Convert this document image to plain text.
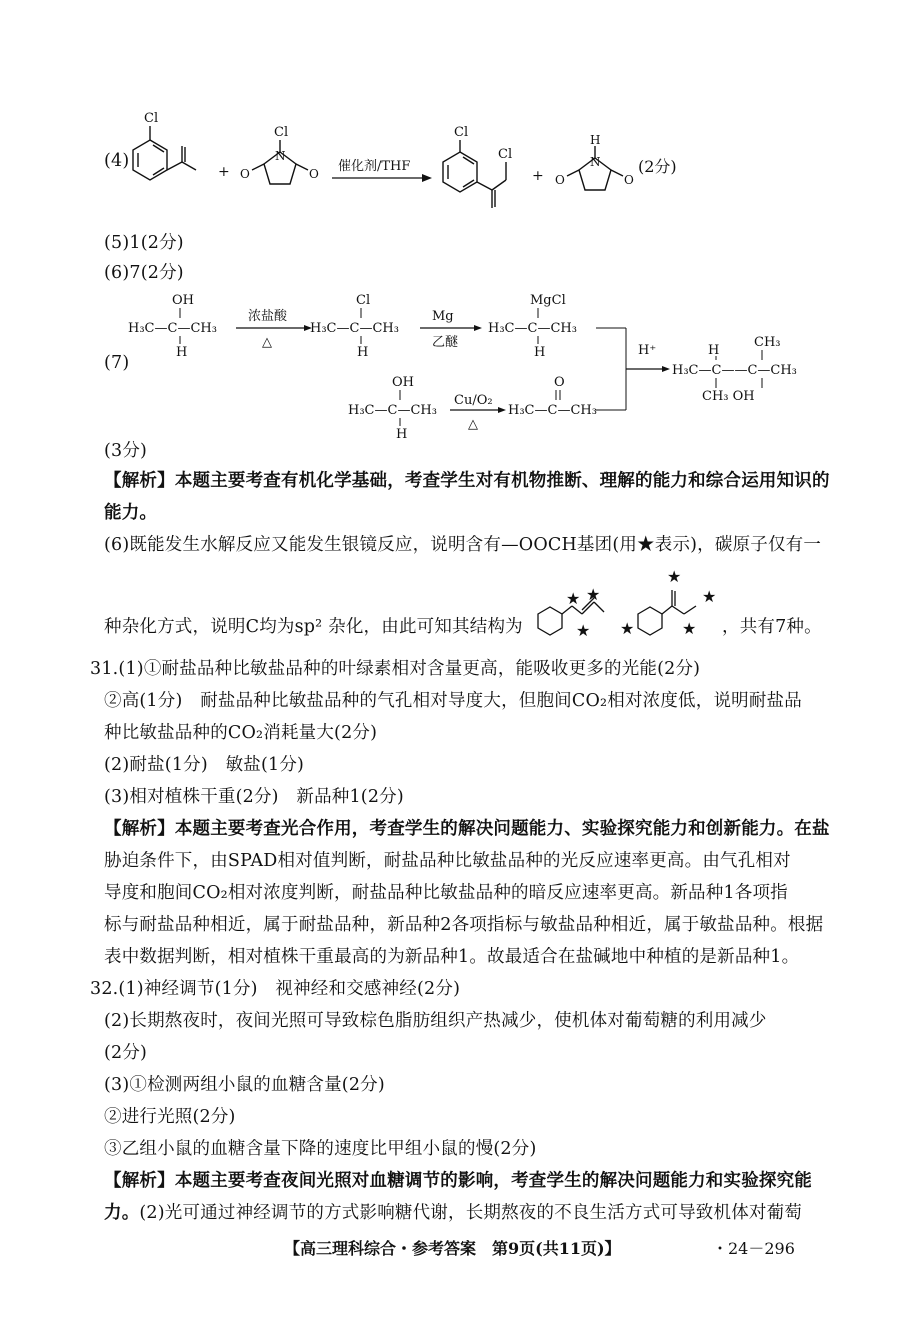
(4)
Cl
+
Cl
N
O	O 催化剂/THF
Cl
Cl
+
H
N
O	O
(2分)
(5)1(2分)
(6)7(2分)
(7)
OH
H₃C—C—CH₃
H
浓盐酸
△
Cl
H₃C—C—CH₃
H
Mg
乙醚
MgCl
H₃C—C—CH₃
H
OH
H₃C—C—CH₃
H
Cu/O₂
△
O
H₃C—C—CH₃
H⁺
CH₃
H₃C—C——C—CH₃
CH₃ OH
H
(3分)
【解析】本题主要考查有机化学基础，考查学生对有机物推断、理解的能力和综合运用知识的
能力。
(6)既能发生水解反应又能发生银镜反应，说明含有—OOCH基团(用★表示)，碳原子仅有一
种杂化方式，说明C均为sp² 杂化，由此可知其结构为
★ ★
★ ★
★
★
★ ，共有7种。
31.(1)①耐盐品种比敏盐品种的叶绿素相对含量更高，能吸收更多的光能(2分)
②高(1分)　耐盐品种比敏盐品种的气孔相对导度大，但胞间CO₂相对浓度低，说明耐盐品
种比敏盐品种的CO₂消耗量大(2分)
(2)耐盐(1分)　敏盐(1分)
(3)相对植株干重(2分)　新品种1(2分)
【解析】本题主要考查光合作用，考查学生的解决问题能力、实验探究能力和创新能力。在盐
胁迫条件下，由SPAD相对值判断，耐盐品种比敏盐品种的光反应速率更高。由气孔相对
导度和胞间CO₂相对浓度判断，耐盐品种比敏盐品种的暗反应速率更高。新品种1各项指
标与耐盐品种相近，属于耐盐品种，新品种2各项指标与敏盐品种相近，属于敏盐品种。根据
表中数据判断，相对植株干重最高的为新品种1。故最适合在盐碱地中种植的是新品种1。
32.(1)神经调节(1分)　视神经和交感神经(2分)
(2)长期熬夜时，夜间光照可导致棕色脂肪组织产热减少，使机体对葡萄糖的利用减少
(2分)
(3)①检测两组小鼠的血糖含量(2分)
②进行光照(2分)
③乙组小鼠的血糖含量下降的速度比甲组小鼠的慢(2分)
【解析】本题主要考查夜间光照对血糖调节的影响，考查学生的解决问题能力和实验探究能
力。(2)光可通过神经调节的方式影响糖代谢，长期熬夜的不良生活方式可导致机体对葡萄
【高三理科综合・参考答案　第9页(共11页)】	・24－296
